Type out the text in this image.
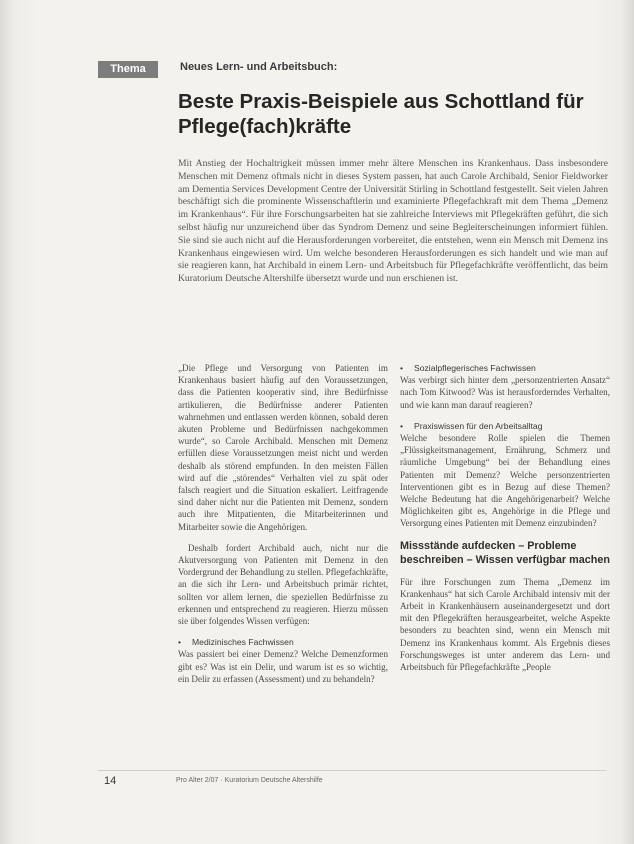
Thema	Neues Lern- und Arbeitsbuch:
Beste Praxis-Beispiele aus Schottland für Pflege(fach)kräfte

Mit Anstieg der Hochaltrigkeit müssen immer mehr ältere Menschen ins Krankenhaus. Dass insbesondere Menschen mit Demenz oftmals nicht in dieses System passen, hat auch Carole Archibald, Senior Fieldworker am Dementia Services Development Centre der Universität Stirling in Schottland festgestellt. Seit vielen Jahren beschäftigt sich die prominente Wissenschaftlerin und examinierte Pflegefachkraft mit dem Thema „Demenz im Krankenhaus“. Für ihre Forschungsarbeiten hat sie zahlreiche Interviews mit Pflegekräften geführt, die sich selbst häufig nur unzureichend über das Syndrom Demenz und seine Begleiterscheinungen informiert fühlen. Sie sind sie auch nicht auf die Herausforderungen vorbereitet, die entstehen, wenn ein Mensch mit Demenz ins Krankenhaus eingewiesen wird. Um welche besonderen Herausforderungen es sich handelt und wie man auf sie reagieren kann, hat Archibald in einem Lern- und Arbeitsbuch für Pflegefachkräfte veröffentlicht, das beim Kuratorium Deutsche Altershilfe übersetzt wurde und nun erschienen ist.

„Die Pflege und Versorgung von Patienten im Krankenhaus basiert häufig auf den Voraussetzungen, dass die Patienten kooperativ sind, ihre Bedürfnisse artikulieren, die Bedürfnisse anderer Patienten wahrnehmen und entlassen werden können, sobald deren akuten Probleme und Bedürfnissen nachgekommen wurde“, so Carole Archibald. Menschen mit Demenz erfüllen diese Voraussetzungen meist nicht und werden deshalb als störend empfunden. In den meisten Fällen wird auf die „störendes“ Verhalten viel zu spät oder falsch reagiert und die Situation eskaliert. Leitfragende sind daher nicht nur die Patienten mit Demenz, sondern auch ihre Mitpatienten, die Mitarbeiterinnen und Mitarbeiter sowie die Angehörigen.

Deshalb fordert Archibald auch, nicht nur die Akutversorgung von Patienten mit Demenz in den Vordergrund der Behandlung zu stellen. Pflegefachkräfte, an die sich ihr Lern- und Arbeitsbuch primär richtet, sollten vor allem lernen, die speziellen Bedürfnisse zu erkennen und entsprechend zu reagieren. Hierzu müssen sie über folgendes Wissen verfügen:

• Medizinisches Fachwissen

Was passiert bei einer Demenz? Welche Demenzformen gibt es? Was ist ein Delir, und warum ist es so wichtig, ein Delir zu erfassen (Assessment) und zu behandeln?

• Sozialpflegerisches Fachwissen

Was verbirgt sich hinter dem „personzentrierten Ansatz“ nach Tom Kitwood? Was ist herausforderndes Verhalten, und wie kann man darauf reagieren?

• Praxiswissen für den Arbeitsalltag

Welche besondere Rolle spielen die Themen „Flüssigkeitsmanagement, Ernährung, Schmerz und räumliche Umgebung“ bei der Behandlung eines Patienten mit Demenz? Welche personzentrierten Interventionen gibt es in Bezug auf diese Themen? Welche Bedeutung hat die Angehörigenarbeit? Welche Möglichkeiten gibt es, Angehörige in die Pflege und Versorgung eines Patienten mit Demenz einzubinden?

Missstände aufdecken – Probleme beschreiben – Wissen verfügbar machen

Für ihre Forschungen zum Thema „Demenz im Krankenhaus“ hat sich Carole Archibald intensiv mit der Arbeit in Krankenhäusern auseinandergesetzt und dort mit den Pflegekräften herausgearbeitet, welche Aspekte besonders zu beachten sind, wenn ein Mensch mit Demenz ins Krankenhaus kommt. Als Ergebnis dieses Forschungsweges ist unter anderem das Lern- und Arbeitsbuch für Pflegefachkräfte „People

14	Pro Alter 2/07 · Kuratorium Deutsche Altershilfe
